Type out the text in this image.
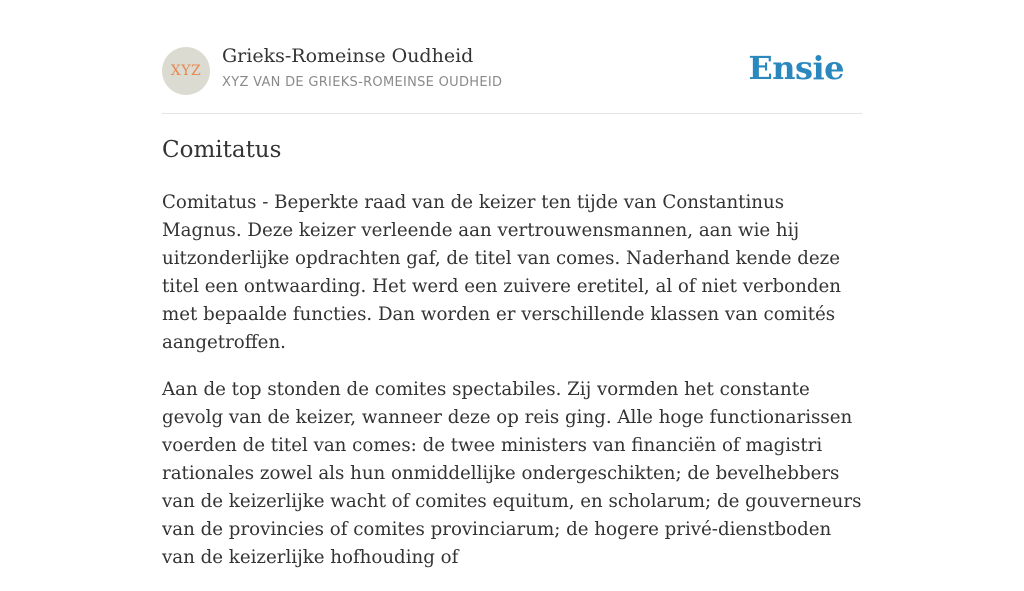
XYZ
Grieks-Romeinse Oudheid
XYZ VAN DE GRIEKS-ROMEINSE OUDHEID	Ensie
Comitatus

Comitatus - Beperkte raad van de keizer ten tijde van Constantinus Magnus. Deze keizer verleende aan vertrouwensmannen, aan wie hij uitzonderlijke opdrachten gaf, de titel van comes. Naderhand kende deze titel een ontwaarding. Het werd een zuivere eretitel, al of niet verbonden met bepaalde functies. Dan worden er verschillende klassen van comités aangetroffen.

Aan de top stonden de comites spectabiles. Zij vormden het constante gevolg van de keizer, wanneer deze op reis ging. Alle hoge functionarissen voerden de titel van comes: de twee ministers van financiën of magistri rationales zowel als hun onmiddellijke ondergeschikten; de bevelhebbers van de keizerlijke wacht of comites equitum, en scholarum; de gouverneurs van de provincies of comites provinciarum; de hogere privé-dienstboden van de keizerlijke hofhouding of
